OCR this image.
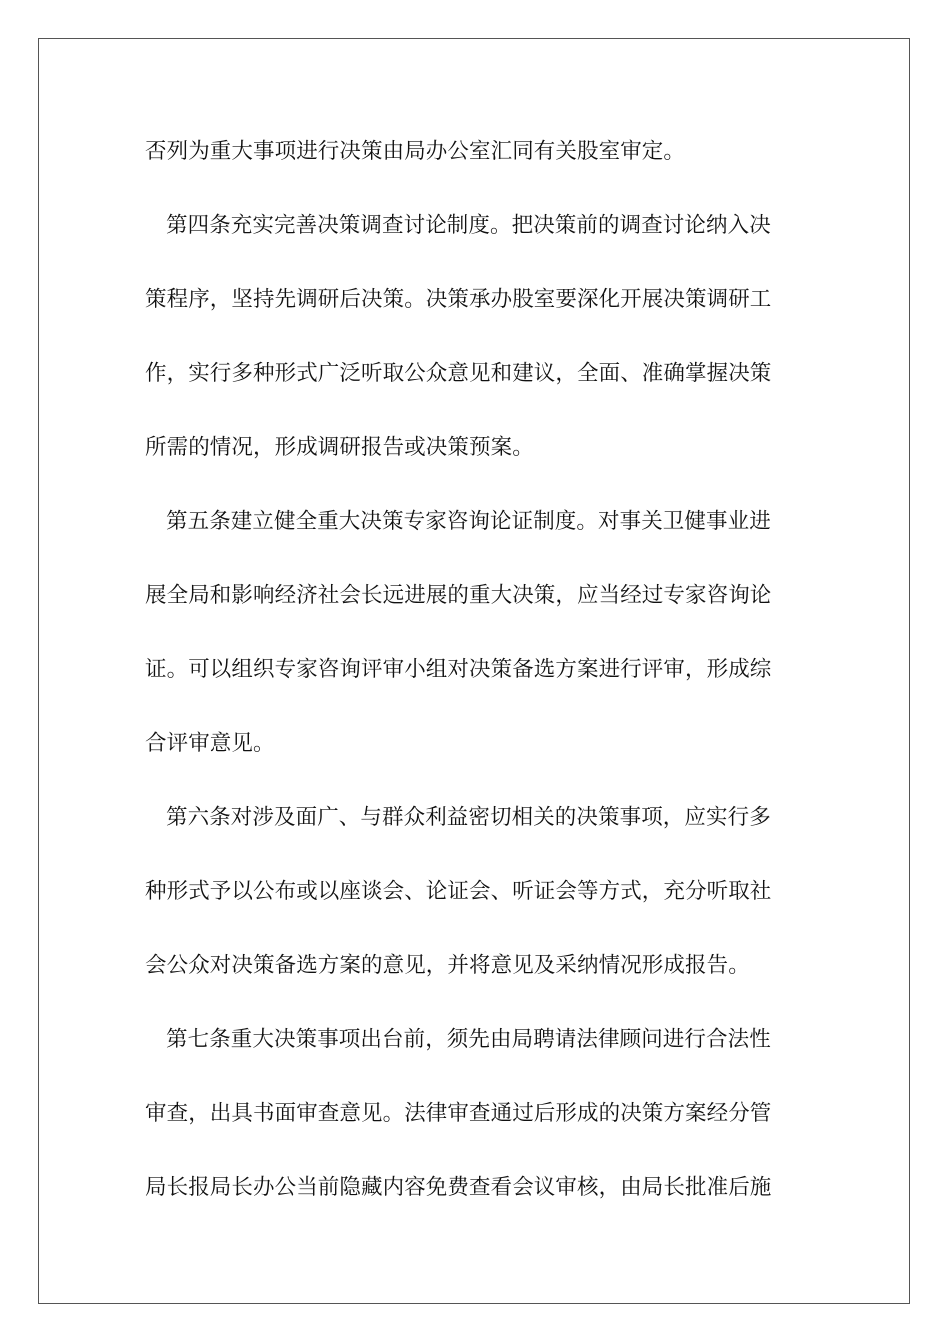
否列为重大事项进行决策由局办公室汇同有关股室审定。

第四条充实完善决策调查讨论制度。把决策前的调查讨论纳入决

策程序，坚持先调研后决策。决策承办股室要深化开展决策调研工

作，实行多种形式广泛听取公众意见和建议，全面、准确掌握决策

所需的情况，形成调研报告或决策预案。

第五条建立健全重大决策专家咨询论证制度。对事关卫健事业进

展全局和影响经济社会长远进展的重大决策，应当经过专家咨询论

证。可以组织专家咨询评审小组对决策备选方案进行评审，形成综

合评审意见。

第六条对涉及面广、与群众利益密切相关的决策事项，应实行多

种形式予以公布或以座谈会、论证会、听证会等方式，充分听取社

会公众对决策备选方案的意见，并将意见及采纳情况形成报告。

第七条重大决策事项出台前，须先由局聘请法律顾问进行合法性

审查，出具书面审查意见。法律审查通过后形成的决策方案经分管

局长报局长办公当前隐藏内容免费查看会议审核，由局长批准后施
